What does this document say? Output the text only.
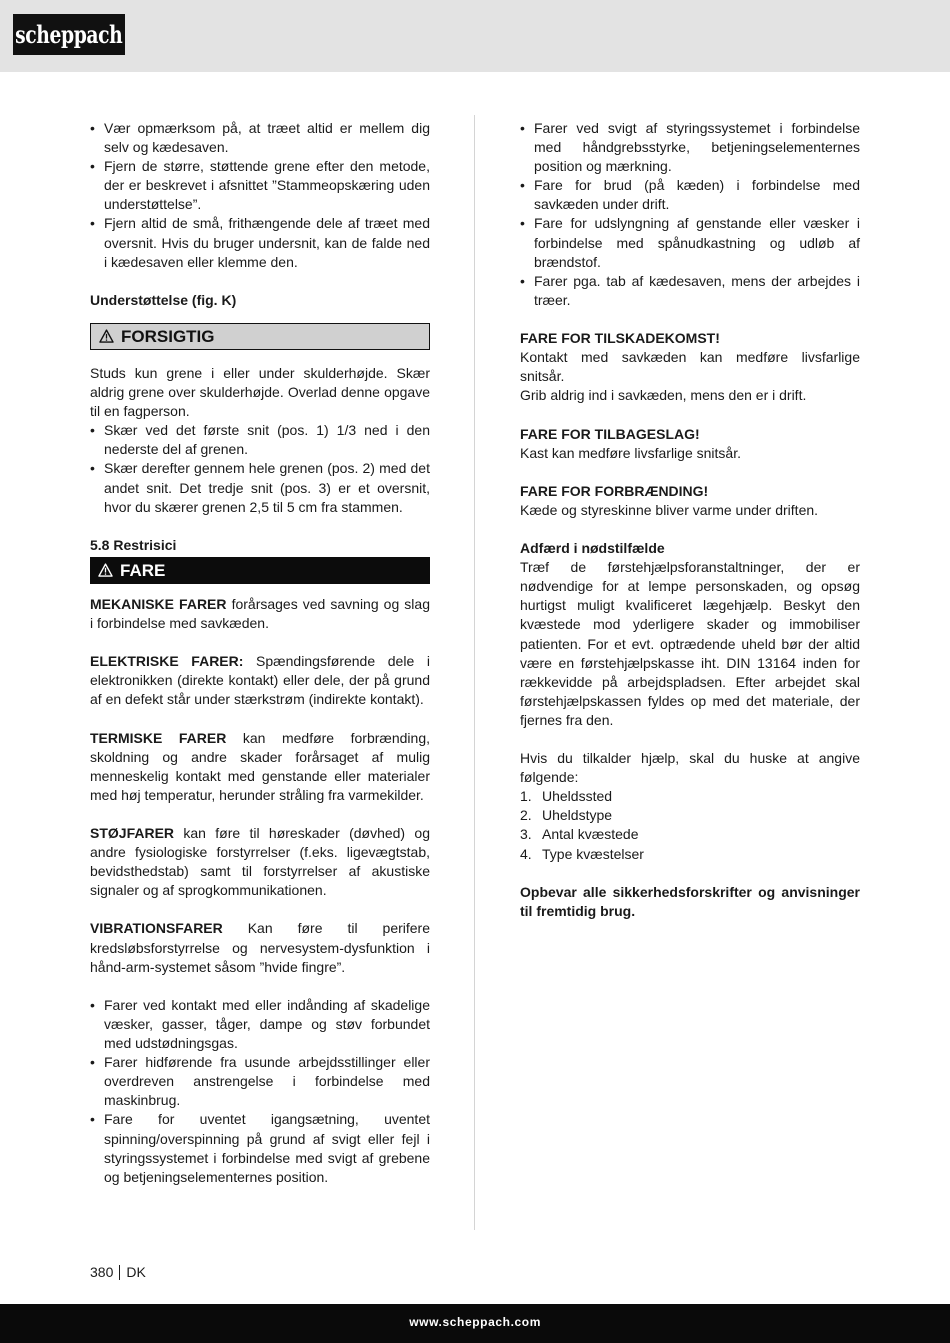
scheppach
• Vær opmærksom på, at træet altid er mellem dig selv og kædesaven.
• Fjern de større, støttende grene efter den metode, der er beskrevet i afsnittet ”Stammeopskæring uden understøttelse”.
• Fjern altid de små, frithængende dele af træet med oversnit. Hvis du bruger undersnit, kan de falde ned i kædesaven eller klemme den.

Understøttelse (fig. K)

FORSIGTIG

Studs kun grene i eller under skulderhøjde. Skær aldrig grene over skulderhøjde. Overlad denne opgave til en fagperson.

• Skær ved det første snit (pos. 1) 1/3 ned i den nederste del af grenen.
• Skær derefter gennem hele grenen (pos. 2) med det andet snit. Det tredje snit (pos. 3) er et oversnit, hvor du skærer grenen 2,5 til 5 cm fra stammen.

5.8 Restrisici

FARE

MEKANISKE FARER forårsages ved savning og slag i forbindelse med savkæden.

ELEKTRISKE FARER: Spændingsførende dele i elektronikken (direkte kontakt) eller dele, der på grund af en defekt står under stærkstrøm (indirekte kontakt).

TERMISKE FARER kan medføre forbrænding, skoldning og andre skader forårsaget af mulig menneskelig kontakt med genstande eller materialer med høj temperatur, herunder stråling fra varmekilder.

STØJFARER kan føre til høreskader (døvhed) og andre fysiologiske forstyrrelser (f.eks. ligevægtstab, bevidsthedstab) samt til forstyrrelser af akustiske signaler og af sprogkommunikationen.

VIBRATIONSFARER Kan føre til perifere kredsløbsforstyrrelse og nervesystem-dysfunktion i hånd-arm-systemet såsom ”hvide fingre”.

• Farer ved kontakt med eller indånding af skadelige væsker, gasser, tåger, dampe og støv forbundet med udstødningsgas.
• Farer hidførende fra usunde arbejdsstillinger eller overdreven anstrengelse i forbindelse med maskinbrug.
• Fare for uventet igangsætning, uventet spinning/overspinning på grund af svigt eller fejl i styringssystemet i forbindelse med svigt af grebene og betjeningselementernes position.
• Farer ved svigt af styringssystemet i forbindelse med håndgrebsstyrke, betjeningselementernes position og mærkning.
• Fare for brud (på kæden) i forbindelse med savkæden under drift.
• Fare for udslyngning af genstande eller væsker i forbindelse med spånudkastning og udløb af brændstof.
• Farer pga. tab af kædesaven, mens der arbejdes i træer.

FARE FOR TILSKADEKOMST!

Kontakt med savkæden kan medføre livsfarlige snitsår.

Grib aldrig ind i savkæden, mens den er i drift.

FARE FOR TILBAGESLAG!

Kast kan medføre livsfarlige snitsår.

FARE FOR FORBRÆNDING!

Kæde og styreskinne bliver varme under driften.

Adfærd i nødstilfælde

Træf de førstehjælpsforanstaltninger, der er nødvendige for at lempe personskaden, og opsøg hurtigst muligt kvalificeret lægehjælp. Beskyt den kvæstede mod yderligere skader og immobiliser patienten. For et evt. optrædende uheld bør der altid være en førstehjælpskasse iht. DIN 13164 inden for rækkevidde på arbejdspladsen. Efter arbejdet skal førstehjælpskassen fyldes op med det materiale, der fjernes fra den.

Hvis du tilkalder hjælp, skal du huske at angive følgende:

1. Uheldssted
2. Uheldstype
3. Antal kvæstede
4. Type kvæstelser

Opbevar alle sikkerhedsforskrifter og anvisninger til fremtidig brug.

380 DK
www.scheppach.com
